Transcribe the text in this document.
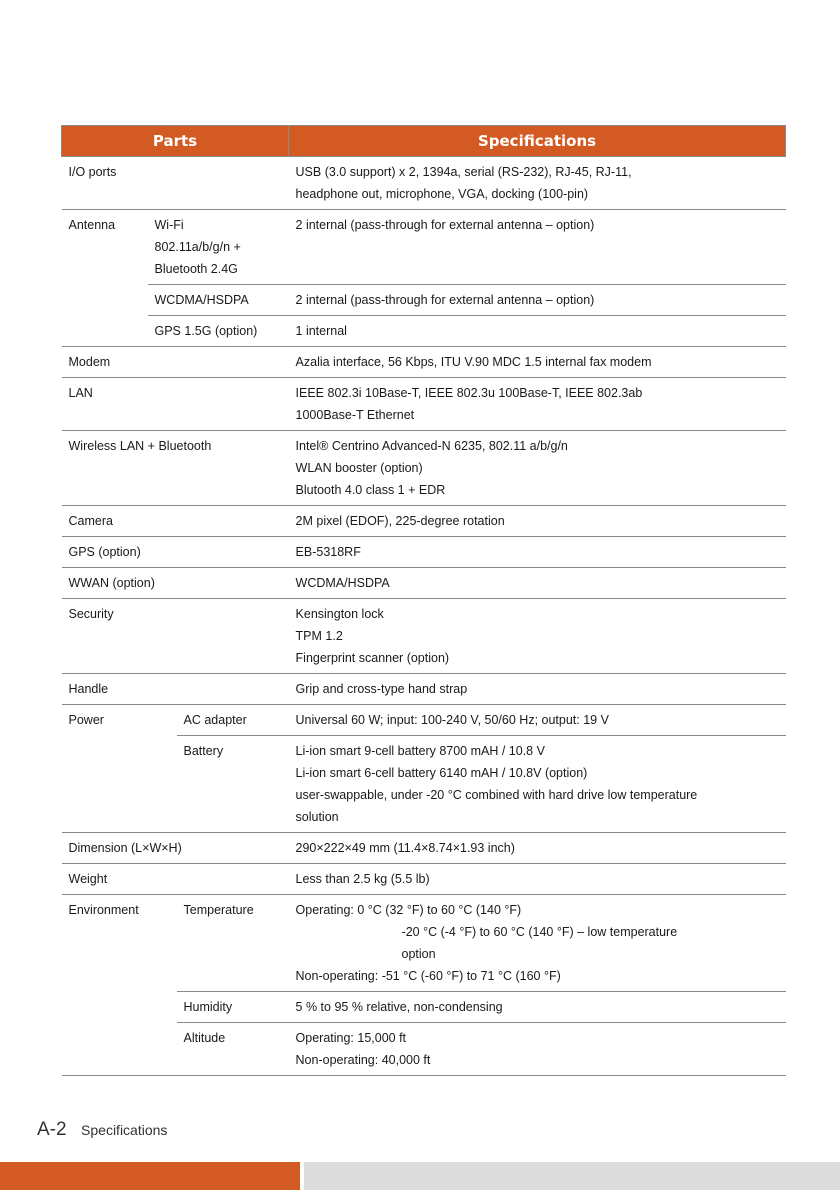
Parts			Specifications
I/O ports			USB (3.0 support) x 2, 1394a, serial (RS-232), RJ-45, RJ-11,
headphone out, microphone, VGA, docking (100-pin)

Antenna	Wi-Fi
802.11a/b/g/n +
Bluetooth 2.4G		2 internal (pass-through for external antenna – option)
	WCDMA/HSDPA		2 internal (pass-through for external antenna – option)
	GPS 1.5G (option)		1 internal
Modem			Azalia interface, 56 Kbps, ITU V.90 MDC 1.5 internal fax modem
LAN			IEEE 802.3i 10Base-T, IEEE 802.3u 100Base-T, IEEE 802.3ab
1000Base-T Ethernet

Wireless LAN + Bluetooth			Intel® Centrino Advanced-N 6235, 802.11 a/b/g/n
WLAN booster (option)
Blutooth 4.0 class 1 + EDR

Camera			2M pixel (EDOF), 225-degree rotation
GPS (option)			EB-5318RF
WWAN (option)			WCDMA/HSDPA
Security			Kensington lock
TPM 1.2
Fingerprint scanner (option)

Handle			Grip and cross-type hand strap
Power		AC adapter	Universal 60 W; input: 100-240 V, 50/60 Hz; output: 19 V
		Battery	Li-ion smart 9-cell battery 8700 mAH / 10.8 V
Li-ion smart 6-cell battery 6140 mAH / 10.8V (option)
user-swappable, under -20 °C combined with hard drive low temperature
solution

Dimension (L×W×H)			290×222×49 mm (11.4×8.74×1.93 inch)
Weight			Less than 2.5 kg (5.5 lb)
Environment		Temperature	Operating: 0 °C (32 °F) to 60 °C (140 °F)
-20 °C (-4 °F) to 60 °C (140 °F) – low temperature
option
Non-operating: -51 °C (-60 °F) to 71 °C (160 °F)

		Humidity	5 % to 95 % relative, non-condensing
		Altitude	Operating: 15,000 ft
Non-operating: 40,000 ft
A-2 Specifications
